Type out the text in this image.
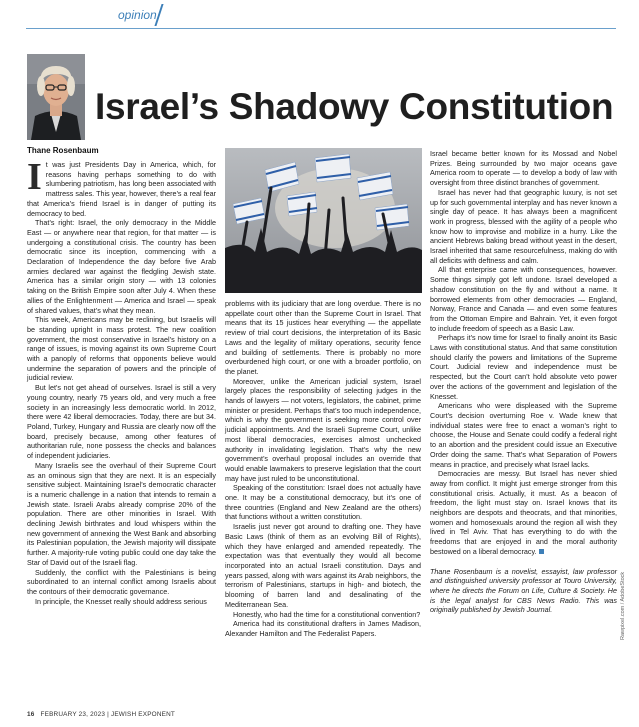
opinion
Israel’s Shadowy Constitution
Thane Rosenbaum
I t was just Presidents Day in America, which, for reasons having perhaps something to do with slumbering patriotism, has long been associated with mattress sales. This year, however, there’s a real fear that America’s friend Israel is in danger of putting its democracy to bed.

That’s right: Israel, the only democracy in the Middle East — or anywhere near that region, for that matter — is undergoing a constitutional crisis. The country has been democratic since its inception, commencing with a Declaration of Independence the day before five Arab armies declared war against the fledgling Jewish state. America has a similar origin story — with 13 colonies taking on the British Empire soon after July 4. When these allies of the Enlightenment — America and Israel — speak of shared values, that’s what they mean.

This week, Americans may be reclining, but Israelis will be standing upright in mass protest. The new coalition government, the most conservative in Israel’s history on a range of issues, is moving against its own Supreme Court with a panoply of reforms that opponents believe would undermine the separation of powers and the principle of judicial review.

But let’s not get ahead of ourselves. Israel is still a very young country, nearly 75 years old, and very much a free society in an increasingly less democratic world. In 2012, there were 42 liberal democracies. Today, there are but 34. Poland, Turkey, Hungary and Russia are clearly now off the board, precisely because, among other features of authoritarian rule, none possess the checks and balances of independent judiciaries.

Many Israelis see the overhaul of their Supreme Court as an ominous sign that they are next. It is an especially sensitive subject. Maintaining Israel’s democratic character is a numeric challenge in a nation that intends to remain a Jewish state. Israeli Arabs already comprise 20% of the population. There are other minorities in Israel. With declining Jewish birthrates and loud whispers within the new government of annexing the West Bank and absorbing its Palestinian population, the Jewish majority will dissipate further. A majority-rule voting public could one day take the Star of David out of the Israeli flag.

Suddenly, the conflict with the Palestinians is being subordinated to an internal conflict among Israelis about the contours of their democratic governance.

In principle, the Knesset really should address serious

problems with its judiciary that are long overdue. There is no appellate court other than the Supreme Court in Israel. That means that its 15 justices hear everything — the appellate review of trial court decisions, the interpretation of its Basic Laws and the legality of military operations, security fence and building of settlements. There is probably no more overburdened high court, or one with a broader portfolio, on the planet.

Moreover, unlike the American judicial system, Israel largely places the responsibility of selecting judges in the hands of lawyers — not voters, legislators, the cabinet, prime minister or president. Perhaps that’s too much independence, which is why the government is seeking more control over judicial appointments. And the Israeli Supreme Court, unlike most liberal democracies, exercises almost unchecked authority in invalidating legislation. That’s why the new government’s overhaul proposal includes an override that would enable lawmakers to preserve legislation that the court may have just ruled to be unconstitutional.

Speaking of the constitution: Israel does not actually have one. It may be a constitutional democracy, but it’s one of three countries (England and New Zealand are the others) that functions without a written constitution.

Israelis just never got around to drafting one. They have Basic Laws (think of them as an evolving Bill of Rights), which they have enlarged and amended repeatedly. The expectation was that eventually they would all become incorporated into an actual Israeli constitution. Days and years passed, along with wars against its Arab neighbors, the terrorism of Palestinians, startups in high- and biotech, the blooming of barren land and desalinating of the Mediterranean Sea.

Honestly, who had the time for a constitutional convention?

America had its constitutional drafters in James Madison, Alexander Hamilton and The Federalist Papers.

Israel became better known for its Mossad and Nobel Prizes. Being surrounded by two major oceans gave America room to operate — to develop a body of law with oversight from three distinct branches of government.

Israel has never had that geographic luxury, is not set up for such governmental interplay and has never known a single day of peace. It has always been a magnificent work in progress, blessed with the agility of a people who know how to improvise and mobilize in a hurry. Like the ancient Hebrews baking bread without yeast in the desert, Israel inherited that same resourcefulness, making do with all deficits with deftness and calm.

All that enterprise came with consequences, however. Some things simply got left undone. Israel developed a shadow constitution on the fly and without a name. It borrowed elements from other democracies — England, Norway, France and Canada — and even some features from the Ottoman Empire and Bahrain. Yet, it even forgot to include freedom of speech as a Basic Law.

Perhaps it’s now time for Israel to finally anoint its Basic Laws with constitutional status. And that same constitution should clarify the powers and limitations of the Supreme Court. Judicial review and independence must be respected, but the Court can’t hold absolute veto power over the actions of the government and legislation of the Knesset.

Americans who were displeased with the Supreme Court’s decision overturning Roe v. Wade knew that individual states were free to enact a woman’s right to choose, the House and Senate could codify a federal right to an abortion and the president could issue an Executive Order doing the same. That’s what Separation of Powers means in practice, and precisely what Israel lacks.

Democracies are messy. But Israel has never shied away from conflict. It might just emerge stronger from this constitutional crisis. Actually, it must. As a beacon of freedom, the light must stay on. Israel knows that its neighbors are despots and theocrats, and that minorities, women and homosexuals around the region all wish they lived in Tel Aviv. That has everything to do with the freedoms that are enjoyed in and the moral authority bestowed on a liberal democracy.

Thane Rosenbaum is a novelist, essayist, law professor and distinguished university professor at Touro University, where he directs the Forum on Life, Culture & Society. He is the legal analyst for CBS News Radio. This was originally published by Jewish Journal.	Rawpixel.com / AdobeStock
16 FEBRUARY 23, 2023 | JEWISH EXPONENT
